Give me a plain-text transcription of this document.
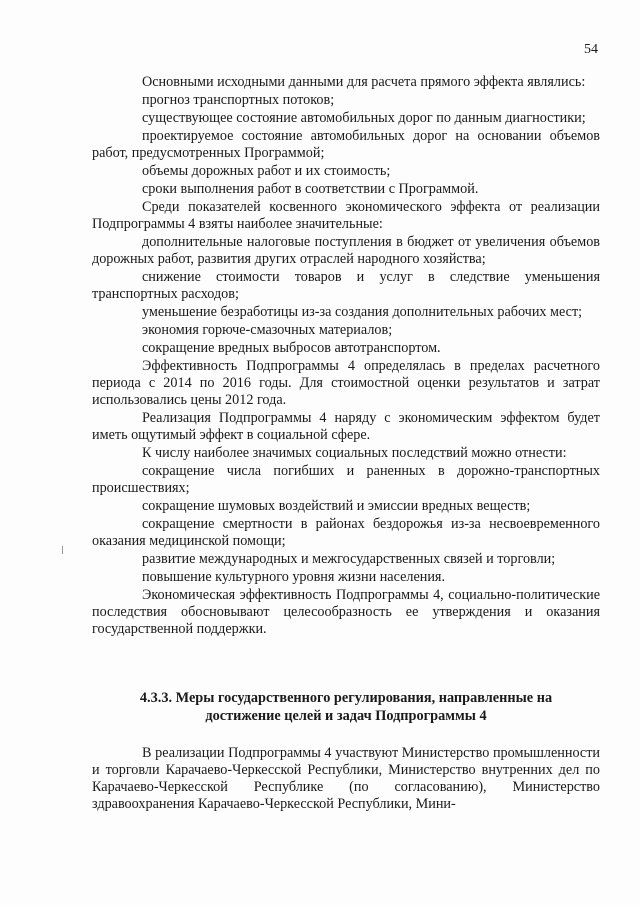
54

Основными исходными данными для расчета прямого эффекта являлись:

прогноз транспортных потоков;

существующее состояние автомобильных дорог по данным диагностики;

проектируемое состояние автомобильных дорог на основании объемов работ, предусмотренных Программой;

объемы дорожных работ и их стоимость;

сроки выполнения работ в соответствии с Программой.

Среди показателей косвенного экономического эффекта от реализации Подпрограммы 4 взяты наиболее значительные:

дополнительные налоговые поступления в бюджет от увеличения объемов дорожных работ, развития других отраслей народного хозяйства;

снижение стоимости товаров и услуг в следствие уменьшения транспортных расходов;

уменьшение безработицы из-за создания дополнительных рабочих мест;

экономия горюче-смазочных материалов;

сокращение вредных выбросов автотранспортом.

Эффективность Подпрограммы 4 определялась в пределах расчетного периода с 2014 по 2016 годы. Для стоимостной оценки результатов и затрат использовались цены 2012 года.

Реализация Подпрограммы 4 наряду с экономическим эффектом будет иметь ощутимый эффект в социальной сфере.

К числу наиболее значимых социальных последствий можно отнести:

сокращение числа погибших и раненных в дорожно-транспортных происшествиях;

сокращение шумовых воздействий и эмиссии вредных веществ;

сокращение смертности в районах бездорожья из-за несвоевременного оказания медицинской помощи;

развитие международных и межгосударственных связей и торговли;

повышение культурного уровня жизни населения.

Экономическая эффективность Подпрограммы 4, социально-политические последствия обосновывают целесообразность ее утверждения и оказания государственной поддержки.

4.3.3. Меры государственного регулирования, направленные на
достижение целей и задач Подпрограммы 4

В реализации Подпрограммы 4 участвуют Министерство промышленности и торговли Карачаево-Черкесской Республики, Министерство внутренних дел по Карачаево-Черкесской Республике (по согласованию), Министерство здравоохранения Карачаево-Черкесской Республики, Мини-
